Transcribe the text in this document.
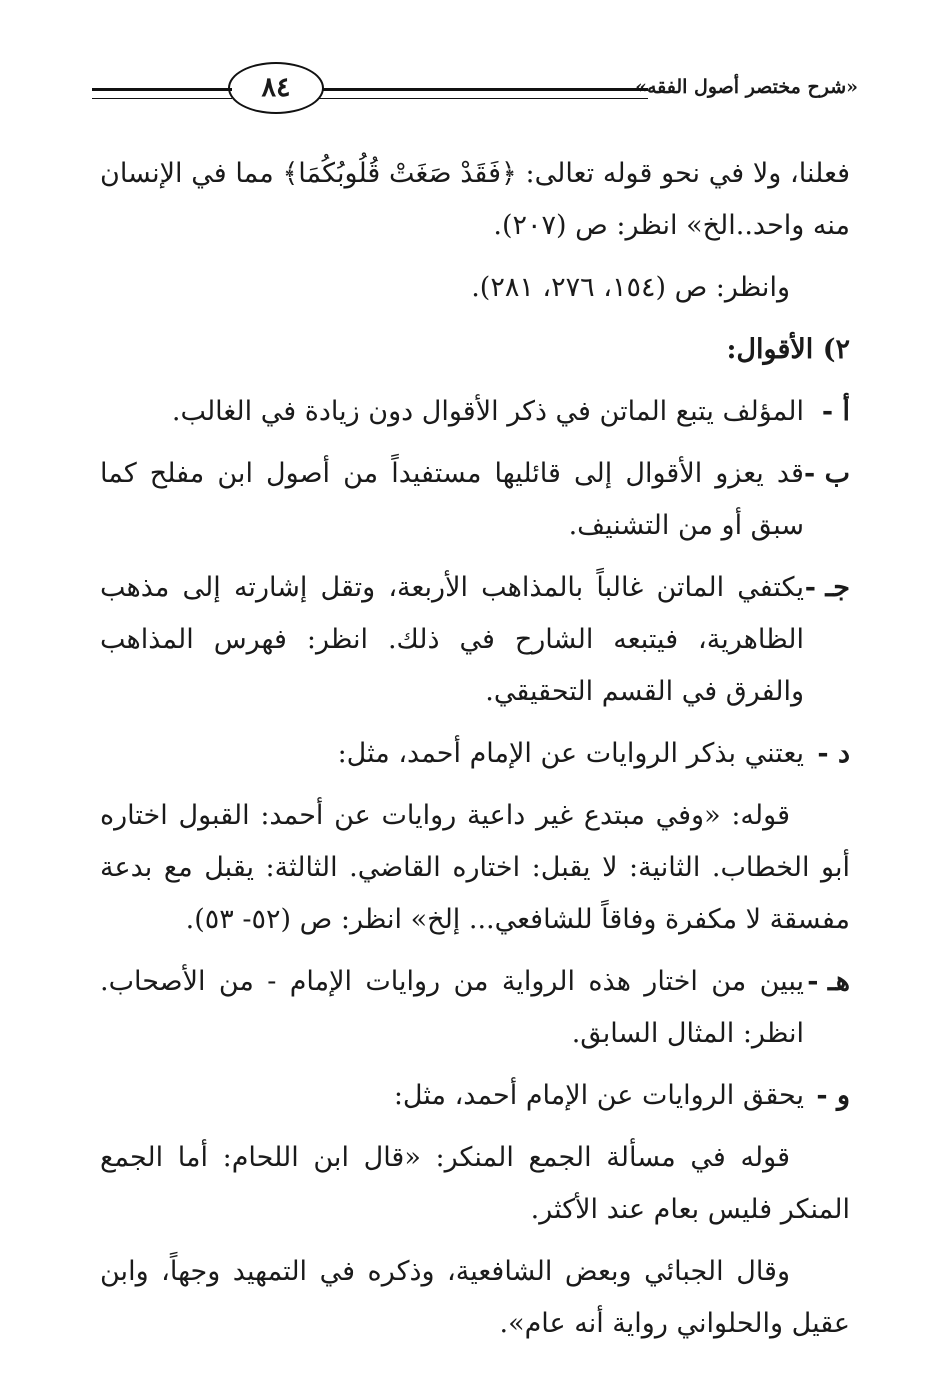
«شرح مختصر أصول الفقه»
٨٤

فعلنا، ولا في نحو قوله تعالى: ﴿فَقَدْ صَغَتْ قُلُوبُكُمَا﴾ مما في الإنسان منه واحد..الخ» انظر: ص (٢٠٧).

وانظر: ص (١٥٤، ٢٧٦، ٢٨١).

٢) الأقوال:

أ -
المؤلف يتبع الماتن في ذكر الأقوال دون زيادة في الغالب.
ب -
قد يعزو الأقوال إلى قائليها مستفيداً من أصول ابن مفلح كما سبق أو من التشنيف.
جـ -
يكتفي الماتن غالباً بالمذاهب الأربعة، وتقل إشارته إلى مذهب الظاهرية، فيتبعه الشارح في ذلك. انظر: فهرس المذاهب والفرق في القسم التحقيقي.
د -
يعتني بذكر الروايات عن الإمام أحمد، مثل:

قوله: «وفي مبتدع غير داعية روايات عن أحمد: القبول اختاره أبو الخطاب. الثانية: لا يقبل: اختاره القاضي. الثالثة: يقبل مع بدعة مفسقة لا مكفرة وفاقاً للشافعي... إلخ» انظر: ص (٥٢- ٥٣).

هـ -
يبين من اختار هذه الرواية من روايات الإمام - من الأصحاب. انظر: المثال السابق.
و -
يحقق الروايات عن الإمام أحمد، مثل:

قوله في مسألة الجمع المنكر: «قال ابن اللحام: أما الجمع المنكر فليس بعام عند الأكثر.

وقال الجبائي وبعض الشافعية، وذكره في التمهيد وجهاً، وابن عقيل والحلواني رواية أنه عام».
